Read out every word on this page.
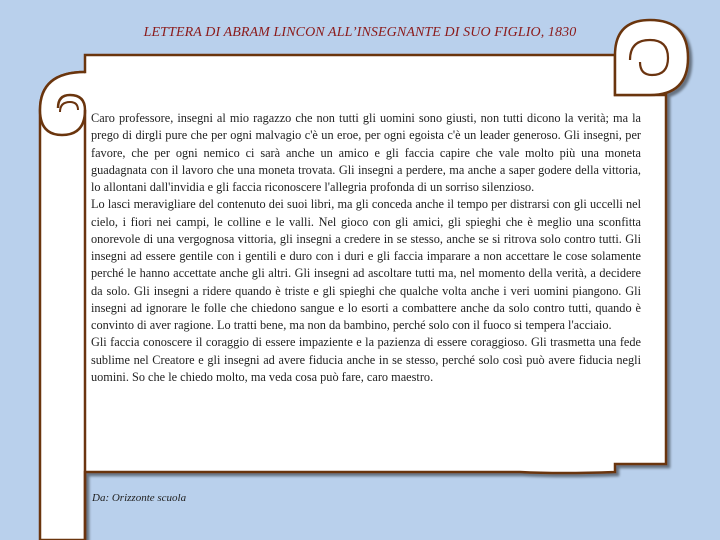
LETTERA DI ABRAM LINCON ALL’INSEGNANTE DI SUO FIGLIO, 1830

Caro professore, insegni al mio ragazzo che non tutti gli uomini sono giusti, non tutti dicono la verità; ma la prego di dirgli pure che per ogni malvagio c'è un eroe, per ogni egoista c'è un leader generoso. Gli insegni, per favore, che per ogni nemico ci sarà anche un amico e gli faccia capire che vale molto più una moneta guadagnata con il lavoro che una moneta trovata. Gli insegni a perdere, ma anche a saper godere della vittoria, lo allontani dall'invidia e gli faccia riconoscere l'allegria profonda di un sorriso silenzioso.

Lo lasci meravigliare del contenuto dei suoi libri, ma gli conceda anche il tempo per distrarsi con gli uccelli nel cielo, i fiori nei campi, le colline e le valli. Nel gioco con gli amici, gli spieghi che è meglio una sconfitta onorevole di una vergognosa vittoria, gli insegni a credere in se stesso, anche se si ritrova solo contro tutti. Gli insegni ad essere gentile con i gentili e duro con i duri e gli faccia imparare a non accettare le cose solamente perché le hanno accettate anche gli altri. Gli insegni ad ascoltare tutti ma, nel momento della verità, a decidere da solo. Gli insegni a ridere quando è triste e gli spieghi che qualche volta anche i veri uomini piangono. Gli insegni ad ignorare le folle che chiedono sangue e lo esorti a combattere anche da solo contro tutti, quando è convinto di aver ragione. Lo tratti bene, ma non da bambino, perché solo con il fuoco si tempera l'acciaio.

Gli faccia conoscere il coraggio di essere impaziente e la pazienza di essere coraggioso. Gli trasmetta una fede sublime nel Creatore e gli insegni ad avere fiducia anche in se stesso, perché solo così può avere fiducia negli uomini. So che le chiedo molto, ma veda cosa può fare, caro maestro.

Da: Orizzonte scuola
